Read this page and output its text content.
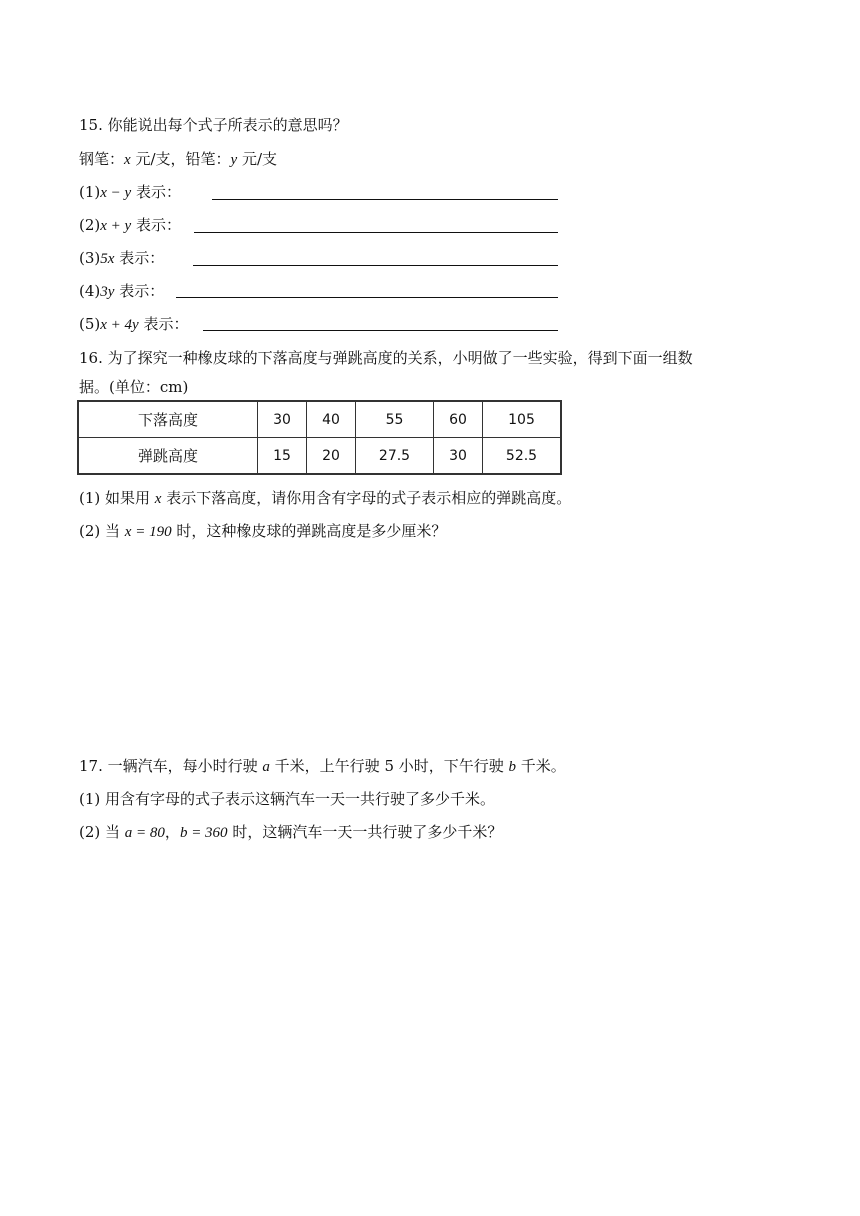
15. 你能说出每个式子所表示的意思吗？
钢笔：x 元/支，铅笔：y 元/支
(1)x − y 表示：
(2)x + y 表示：
(3)5x 表示：
(4)3y 表示：
(5)x + 4y 表示：
16. 为了探究一种橡皮球的下落高度与弹跳高度的关系，小明做了一些实验，得到下面一组数
据。(单位：cm)
下落高度	30	40	55	60	105
弹跳高度	15	20	27.5	30	52.5
(1) 如果用 x 表示下落高度，请你用含有字母的式子表示相应的弹跳高度。
(2) 当 x = 190 时，这种橡皮球的弹跳高度是多少厘米？
17. 一辆汽车，每小时行驶 a 千米，上午行驶 5 小时，下午行驶 b 千米。
(1) 用含有字母的式子表示这辆汽车一天一共行驶了多少千米。
(2) 当 a = 80，b = 360 时，这辆汽车一天一共行驶了多少千米？
